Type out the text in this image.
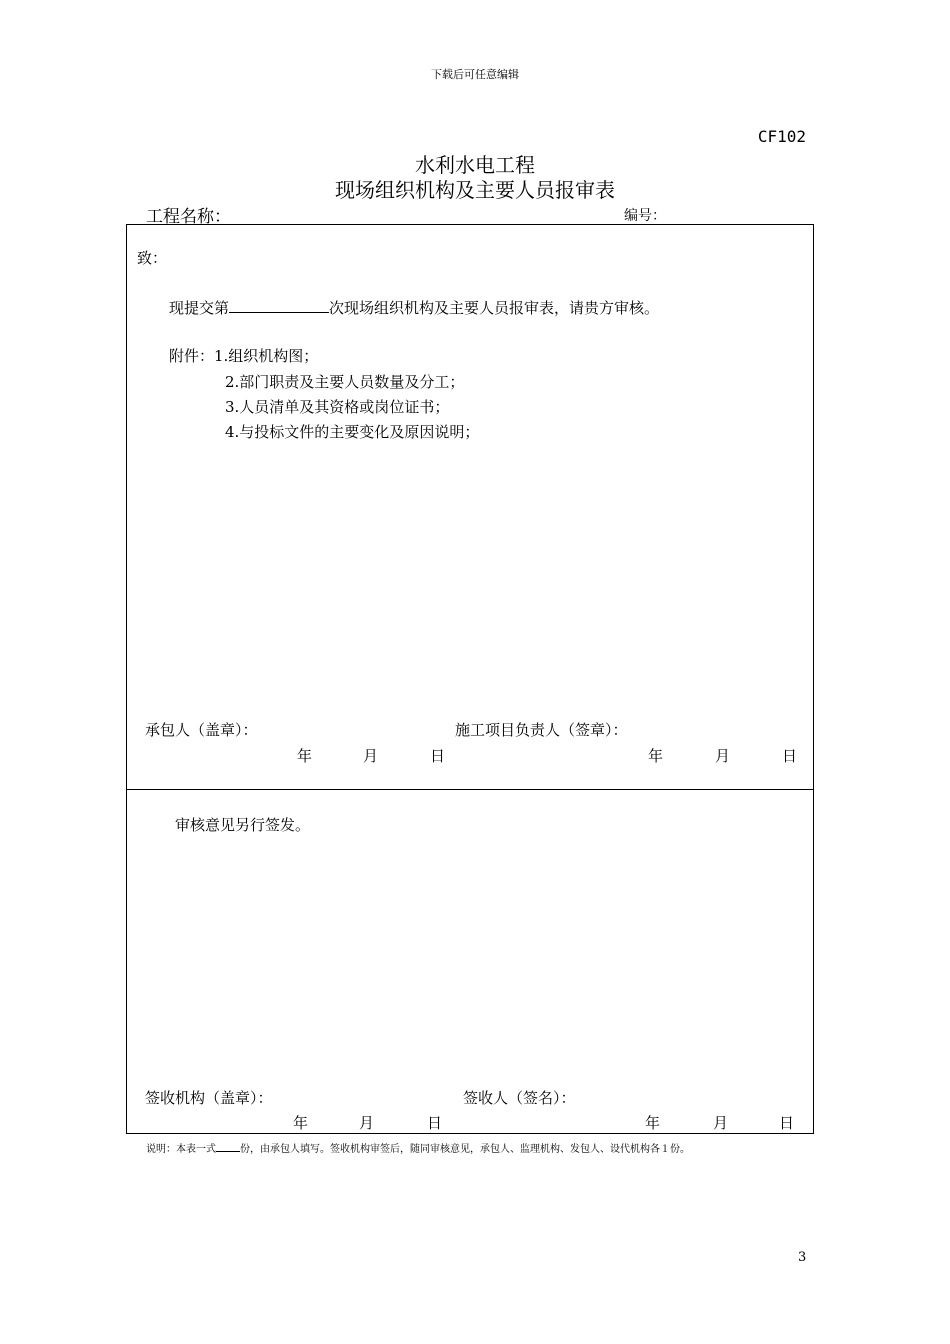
下载后可任意编辑
CF102
水利水电工程
现场组织机构及主要人员报审表
工程名称：	编号：
致：
现提交第	次现场组织机构及主要人员报审表，请贵方审核。
附件：1.组织机构图；
2.部门职责及主要人员数量及分工；
3.人员清单及其资格或岗位证书；
4.与投标文件的主要变化及原因说明；
承包人（盖章）：	施工项目负责人（签章）：
年	月	日	年	月	日
审核意见另行签发。
签收机构（盖章）：	签收人（签名）：
年	月	日	年	月	日
说明：本表一式 份，由承包人填写。签收机构审签后，随同审核意见，承包人、监理机构、发包人、设代机构各１份。
3
